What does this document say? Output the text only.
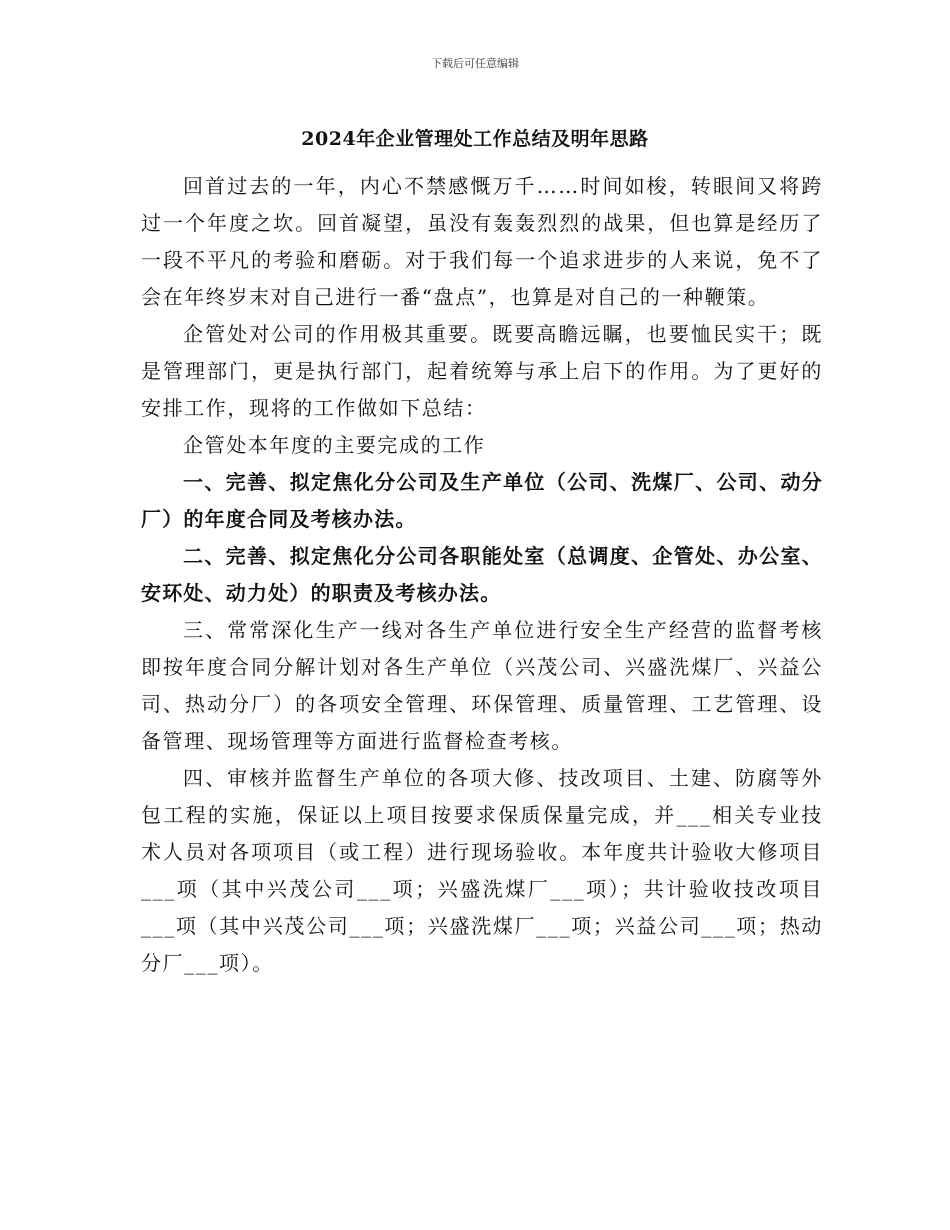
下载后可任意编辑
2024年企业管理处工作总结及明年思路

回首过去的一年，内心不禁感慨万千……时间如梭，转眼间又将跨过一个年度之坎。回首凝望，虽没有轰轰烈烈的战果，但也算是经历了一段不平凡的考验和磨砺。对于我们每一个追求进步的人来说，免不了会在年终岁末对自己进行一番“盘点”，也算是对自己的一种鞭策。

企管处对公司的作用极其重要。既要高瞻远瞩，也要恤民实干；既是管理部门，更是执行部门，起着统筹与承上启下的作用。为了更好的安排工作，现将的工作做如下总结：

企管处本年度的主要完成的工作

一、完善、拟定焦化分公司及生产单位（公司、洗煤厂、公司、动分厂）的年度合同及考核办法。

二、完善、拟定焦化分公司各职能处室（总调度、企管处、办公室、安环处、动力处）的职责及考核办法。

三、常常深化生产一线对各生产单位进行安全生产经营的监督考核即按年度合同分解计划对各生产单位（兴茂公司、兴盛洗煤厂、兴益公司、热动分厂）的各项安全管理、环保管理、质量管理、工艺管理、设备管理、现场管理等方面进行监督检查考核。

四、审核并监督生产单位的各项大修、技改项目、土建、防腐等外包工程的实施，保证以上项目按要求保质保量完成，并___相关专业技术人员对各项项目（或工程）进行现场验收。本年度共计验收大修项目___项（其中兴茂公司___项；兴盛洗煤厂___项）；共计验收技改项目___项（其中兴茂公司___项；兴盛洗煤厂___项；兴益公司___项；热动分厂___项）。
